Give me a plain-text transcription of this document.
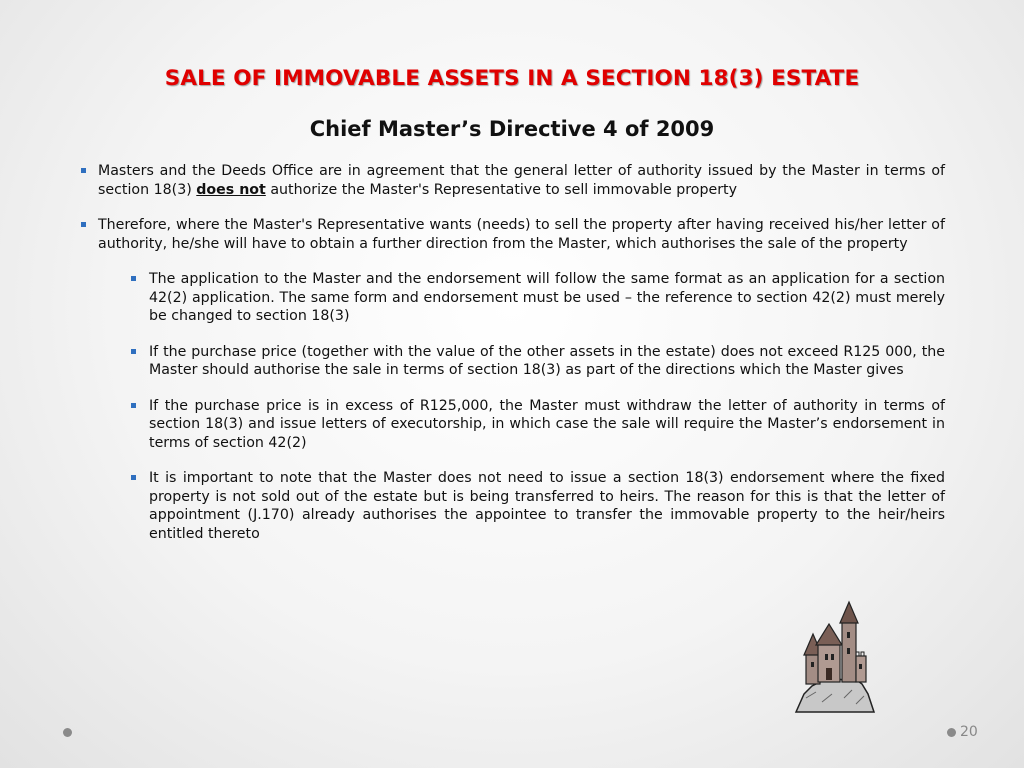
SALE OF IMMOVABLE ASSETS IN A SECTION 18(3) ESTATE
Chief Master’s Directive 4 of 2009
Masters and the Deeds Office are in agreement that the general letter of authority issued by the Master in terms of section 18(3) does not authorize the Master's Representative to sell immovable property
Therefore, where the Master's Representative wants (needs) to sell the property after having received his/her letter of authority, he/she will have to obtain a further direction from the Master, which authorises the sale of the property
The application to the Master and the endorsement will follow the same format as an application for a section 42(2) application. The same form and endorsement must be used – the reference to section 42(2) must merely be changed to section 18(3)
If the purchase price (together with the value of the other assets in the estate) does not exceed R125 000, the Master should authorise the sale in terms of section 18(3) as part of the directions which the Master gives
If the purchase price is in excess of R125,000, the Master must withdraw the letter of authority in terms of section 18(3) and issue letters of executorship, in which case the sale will require the Master’s endorsement in terms of section 42(2)
It is important to note that the Master does not need to issue a section 18(3) endorsement where the fixed property is not sold out of the estate but is being transferred to heirs. The reason for this is that the letter of appointment (J.170) already authorises the appointee to transfer the immovable property to the heir/heirs entitled thereto
20
